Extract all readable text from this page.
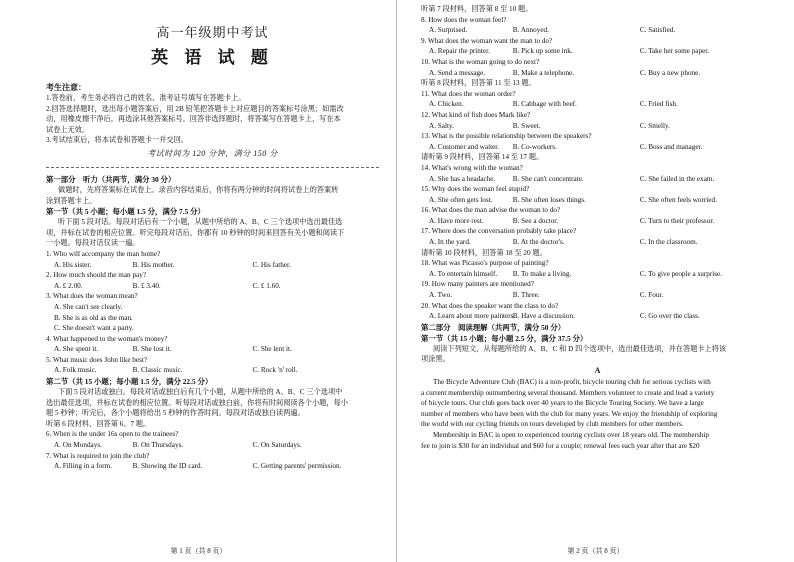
高一年级期中考试
英 语 试 题
考生注意：
1.答卷前，考生务必将自己的姓名、准考证号填写在答题卡上。
2.回答选择题时，选出每小题答案后，用 2B 铅笔把答题卡上对应题目的答案标号涂黑；如需改
动，用橡皮擦干净后，再选涂其他答案标号。回答非选择题时，将答案写在答题卡上，写在本
试卷上无效。
3.考试结束后，将本试卷和答题卡一并交回。
考试时间为 120 分钟，满分 150 分
第一部分　听力（共两节，满分 30 分）
做题时，先将答案标在试卷上。录音内容结束后，你将有两分钟的时间将试卷上的答案转
涂到答题卡上。
第一节（共 5 小题；每小题 1.5 分，满分 7.5 分）
听下面 5 段对话。每段对话后有一个小题，从题中所给的 A、B、C 三个选项中选出最佳选
项，并标在试卷的相应位置。听完每段对话后，你都有 10 秒钟的时间来回答有关小题和阅读下
一小题。每段对话仅读一遍。
1. Who will accompany the man home?
A. His sister.	B. His mother.	C. His father.
2. How much should the man pay?
A. £ 2.00.	B. £ 3.40.	C. £ 1.60.
3. What does the woman mean?
A. She can't see clearly.
B. She is as old as the man.
C. She doesn't want a party.
4. What happened to the woman's money?
A. She spent it.	B. She lost it.	C. She lent it.
5. What music does John like best?
A. Folk music.	B. Classic music.	C. Rock 'n' roll.
第二节（共 15 小题；每小题 1.5 分，满分 22.5 分）
下面 5 段对话或独白。每段对话或独白后有几个小题，从题中所给的 A、B、C 三个选项中
选出最佳选项，并标在试卷的相应位置。听每段对话或独白前，你将有时间阅读各个小题，每小
题 5 秒钟；听完后，各个小题将给出 5 秒钟的作答时间。每段对话或独白读两遍。
听第 6 段材料，回答第 6、7 题。
6. When is the under 16s open to the trainees?
A. On Mondays.	B. On Thursdays.	C. On Saturdays.
7. What is required to join the club?
A. Filling in a form.	B. Showing the ID card.	C. Getting parents' permission.
第 1 页（共 8 页）
听第 7 段材料，回答第 8 至 10 题。
8. How does the woman feel?
A. Surprised.	B. Annoyed.	C. Satisfied.
9. What does the woman want the man to do?
A. Repair the printer.	B. Pick up some ink.	C. Take her some paper.
10. What is the woman going to do next?
A. Send a message.	B. Make a telephone.	C. Buy a new phone.
听第 8 段材料，回答第 11 至 13 题。
11. What does the woman order?
A. Chicken.	B. Cabbage with beef.	C. Fried fish.
12. What kind of fish does Mark like?
A. Salty.	B. Sweet.	C. Smelly.
13. What is the possible relationship between the speakers?
A. Customer and waiter.	B. Co-workers.	C. Boss and manager.
请听第 9 段材料，回答第 14 至 17 题。
14. What's wrong with the woman?
A. She has a headache.	B. She can't concentrate.	C. She failed in the exam.
15. Why does the woman feel stupid?
A. She often gets lost.	B. She often loses things.	C. She often feels worried.
16. What does the man advise the woman to do?
A. Have more rest.	B. See a doctor.	C. Turn to their professor.
17. Where does the conversation probably take place?
A. In the yard.	B. At the doctor's.	C. In the classroom.
请听第 10 段材料，回答第 18 至 20 题。
18. What was Picasso's purpose of painting?
A. To entertain himself.	B. To make a living.	C. To give people a surprise.
19. How many painters are mentioned?
A. Two.	B. Three.	C. Four.
20. What does the speaker want the class to do?
A. Learn about more painters.
B. Have a discussion.	C. Go over the class.
第二部分　阅读理解（共两节，满分 50 分）
第一节（共 15 小题；每小题 2.5 分，满分 37.5 分）
阅读下列短文，从每题所给的 A、B、C 和 D 四个选项中，选出最佳选项，并在答题卡上将该
项涂黑。
A
The Bicycle Adventure Club (BAC) is a non-profit, bicycle touring club for serious cyclists with
a current membership outnumbering several thousand. Members volunteer to create and lead a variety
of bicycle tours. Our club goes back over 40 years to the Bicycle Touring Society. We have a large
number of members who have been with the club for many years. We enjoy the friendship of exploring
the world with our cycling friends on tours developed by club members for other members.
Membership in BAC is open to experienced touring cyclists over 18 years old. The membership
fee to join is $30 for an individual and $60 for a couple; renewal fees each year after that are $20
第 2 页（共 8 页）
